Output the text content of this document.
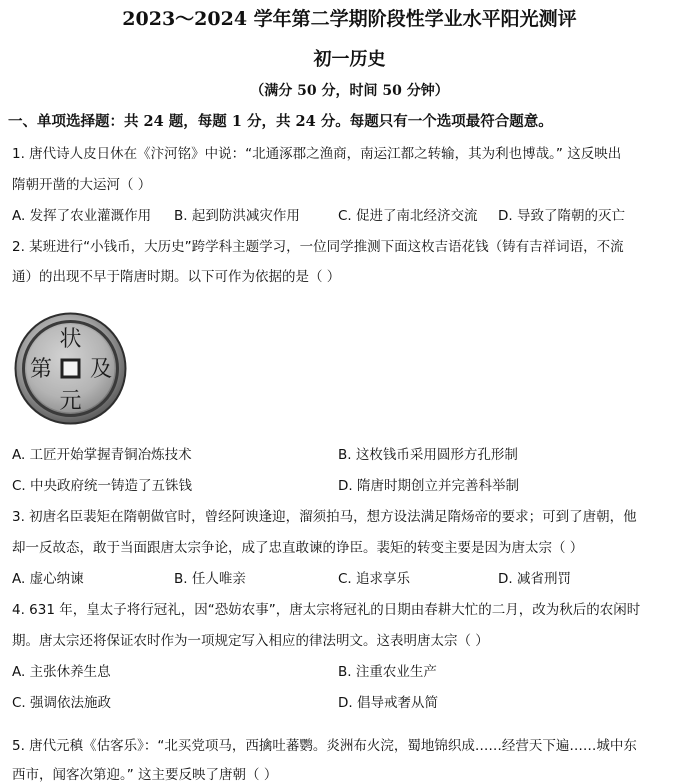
2023～2024 学年第二学期阶段性学业水平阳光测评
初一历史
（满分 50 分，时间 50 分钟）
一、单项选择题：共 24 题，每题 1 分，共 24 分。每题只有一个选项最符合题意。
1. 唐代诗人皮日休在《汴河铭》中说：“北通涿郡之渔商，南运江都之转输，其为利也博哉。” 这反映出
隋朝开凿的大运河（ ）
A. 发挥了农业灌溉作用 B. 起到防洪减灾作用	C. 促进了南北经济交流 D. 导致了隋朝的灭亡
2. 某班进行“小钱币，大历史”跨学科主题学习，一位同学推测下面这枚吉语花钱（铸有吉祥词语，不流
通）的出现不早于隋唐时期。以下可作为依据的是（ ）
状
及
元
第
A. 工匠开始掌握青铜冶炼技术	B. 这枚钱币采用圆形方孔形制
C. 中央政府统一铸造了五铢钱	D. 隋唐时期创立并完善科举制
3. 初唐名臣裴矩在隋朝做官时，曾经阿谀逢迎，溜须拍马，想方设法满足隋炀帝的要求；可到了唐朝，他
却一反故态，敢于当面跟唐太宗争论，成了忠直敢谏的诤臣。裴矩的转变主要是因为唐太宗（ ）
A. 虚心纳谏	B. 任人唯亲	C. 追求享乐	D. 减省刑罚
4. 631 年，皇太子将行冠礼，因“恐妨农事”，唐太宗将冠礼的日期由春耕大忙的二月，改为秋后的农闲时
期。唐太宗还将保证农时作为一项规定写入相应的律法明文。这表明唐太宗（ ）
A. 主张休养生息	B. 注重农业生产
C. 强调依法施政	D. 倡导戒奢从简
5. 唐代元稹《估客乐》：“北买党项马，西擒吐蕃鹦。炎洲布火浣，蜀地锦织成……经营天下遍……城中东
西市，闻客次第迎。” 这主要反映了唐朝（ ）
